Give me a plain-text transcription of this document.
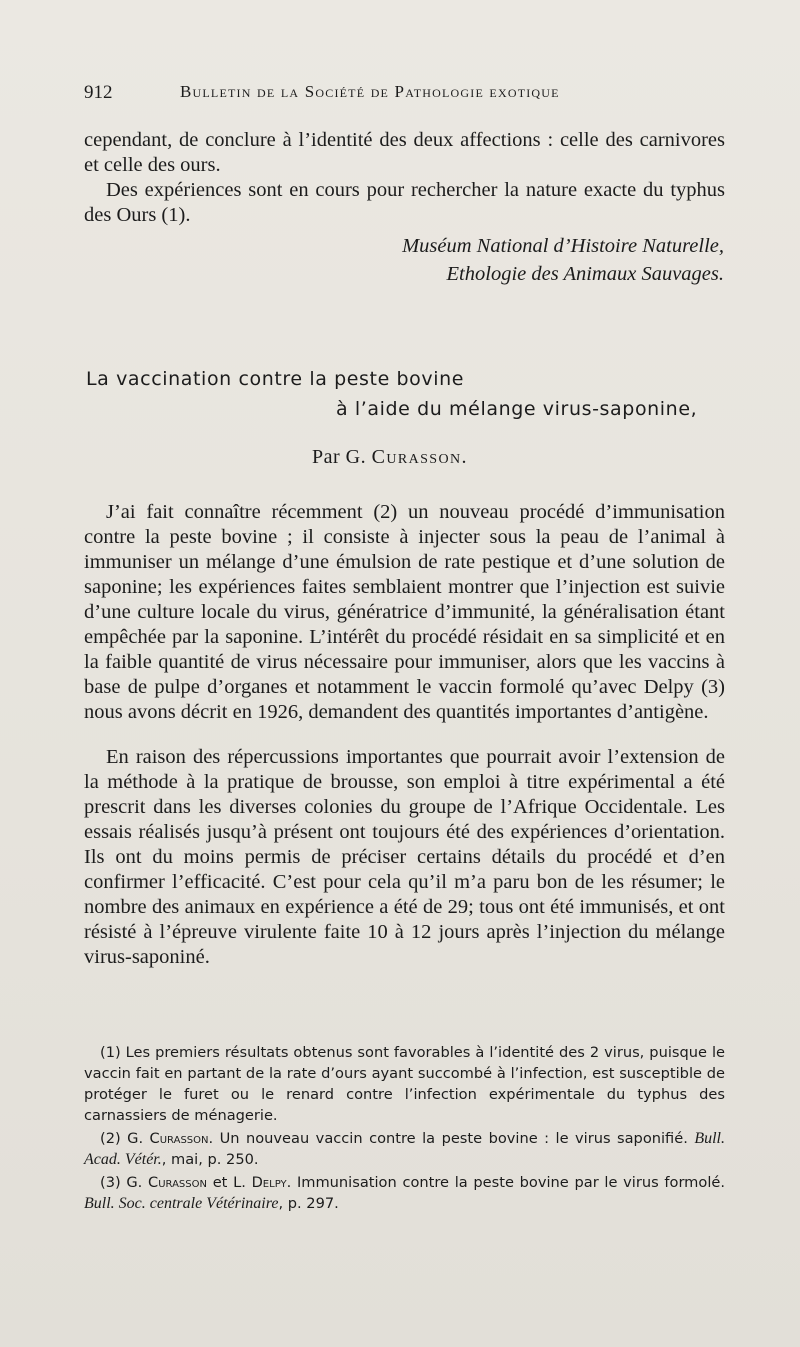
912	Bulletin de la Société de Pathologie exotique

cependant, de conclure à l’identité des deux affections : celle des carnivores et celle des ours.

Des expériences sont en cours pour rechercher la nature exacte du typhus des Ours (1).

Muséum National d’Histoire Naturelle,
Ethologie des Animaux Sauvages.
La vaccination contre la peste bovine
à l’aide du mélange virus-saponine,
Par G. Curasson.

J’ai fait connaître récemment (2) un nouveau procédé d’immunisation contre la peste bovine ; il consiste à injecter sous la peau de l’animal à immuniser un mélange d’une émulsion de rate pestique et d’une solution de saponine; les expériences faites semblaient montrer que l’injection est suivie d’une culture locale du virus, génératrice d’immunité, la généralisation étant empêchée par la saponine. L’intérêt du procédé résidait en sa simplicité et en la faible quantité de virus nécessaire pour immuniser, alors que les vaccins à base de pulpe d’organes et notamment le vaccin formolé qu’avec Delpy (3) nous avons décrit en 1926, demandent des quantités importantes d’antigène.

En raison des répercussions importantes que pourrait avoir l’extension de la méthode à la pratique de brousse, son emploi à titre expérimental a été prescrit dans les diverses colonies du groupe de l’Afrique Occidentale. Les essais réalisés jusqu’à présent ont toujours été des expériences d’orientation. Ils ont du moins permis de préciser certains détails du procédé et d’en confirmer l’efficacité. C’est pour cela qu’il m’a paru bon de les résumer; le nombre des animaux en expérience a été de 29; tous ont été immunisés, et ont résisté à l’épreuve virulente faite 10 à 12 jours après l’injection du mélange virus-saponiné.

(1) Les premiers résultats obtenus sont favorables à l’identité des 2 virus, puisque le vaccin fait en partant de la rate d’ours ayant succombé à l’infection, est susceptible de protéger le furet ou le renard contre l’infection expérimentale du typhus des carnassiers de ménagerie.

(2) G. Curasson. Un nouveau vaccin contre la peste bovine : le virus saponifié. Bull. Acad. Vétér., mai, p. 250.

(3) G. Curasson et L. Delpy. Immunisation contre la peste bovine par le virus formolé. Bull. Soc. centrale Vétérinaire, p. 297.
